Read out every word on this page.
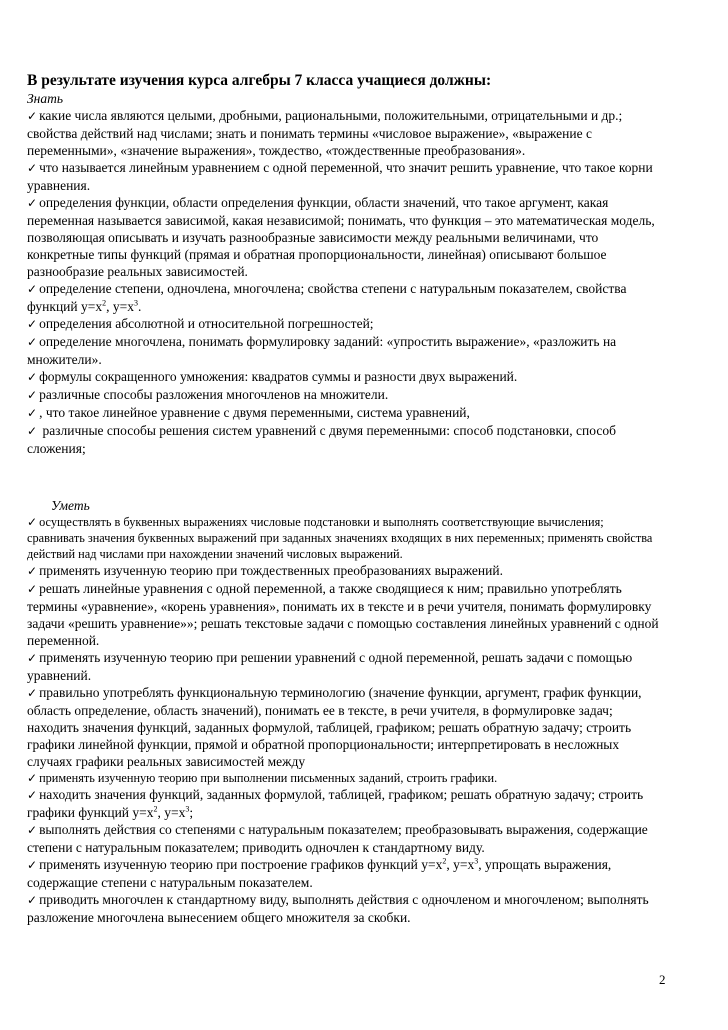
В результате изучения курса алгебры 7 класса учащиеся должны:

Знать

✓ какие числа являются целыми, дробными, рациональными, положительными, отрицательными и др.; свойства действий над числами; знать и понимать термины «числовое выражение», «выражение с переменными», «значение выражения», тождество, «тождественные преобразования».

✓ что называется линейным уравнением с одной переменной, что значит решить уравнение, что такое корни уравнения.

✓ определения функции, области определения функции, области значений, что такое аргумент, какая переменная называется зависимой, какая независимой; понимать, что функция – это математическая модель, позволяющая описывать и изучать разнообразные зависимости между реальными величинами, что конкретные типы функций (прямая и обратная пропорциональности, линейная) описывают большое разнообразие реальных зависимостей.

✓ определение степени, одночлена, многочлена; свойства степени с натуральным показателем, свойства функций $y=x^2$, $y=x^3$.

✓ определения абсолютной и относительной погрешностей;

✓ определение многочлена, понимать формулировку заданий: «упростить выражение», «разложить на множители».

✓ формулы сокращенного умножения: квадратов суммы и разности двух выражений.

✓ различные способы разложения многочленов на множители.

✓ , что такое линейное уравнение с двумя переменными, система уравнений,

✓ различные способы решения систем уравнений с двумя переменными: способ подстановки, способ сложения;

Уметь

✓ осуществлять в буквенных выражениях числовые подстановки и выполнять соответствующие вычисления; сравнивать значения буквенных выражений при заданных значениях входящих в них переменных; применять свойства действий над числами при нахождении значений числовых выражений.

✓ применять изученную теорию при тождественных преобразованиях выражений.

✓ решать линейные уравнения с одной переменной, а также сводящиеся к ним; правильно употреблять термины «уравнение», «корень уравнения», понимать их в тексте и в речи учителя, понимать формулировку задачи «решить уравнение»»; решать текстовые задачи с помощью составления линейных уравнений с одной переменной.

✓ применять изученную теорию при решении уравнений с одной переменной, решать задачи с помощью уравнений.

✓ правильно употреблять функциональную терминологию (значение функции, аргумент, график функции, область определение, область значений), понимать ее в тексте, в речи учителя, в формулировке задач; находить значения функций, заданных формулой, таблицей, графиком; решать обратную задачу; строить графики линейной функции, прямой и обратной пропорциональности; интерпретировать в несложных случаях графики реальных зависимостей между

✓ применять изученную теорию при выполнении письменных заданий, строить графики.

✓ находить значения функций, заданных формулой, таблицей, графиком; решать обратную задачу; строить графики функций $y=x^2$, $y=x^3$;

✓ выполнять действия со степенями с натуральным показателем; преобразовывать выражения, содержащие степени с натуральным показателем; приводить одночлен к стандартному виду.

✓ применять изученную теорию при построение графиков функций $y=x^2$, $y=x^3$, упрощать выражения, содержащие степени с натуральным показателем.

✓ приводить многочлен к стандартному виду, выполнять действия с одночленом и многочленом; выполнять разложение многочлена вынесением общего множителя за скобки.

2
